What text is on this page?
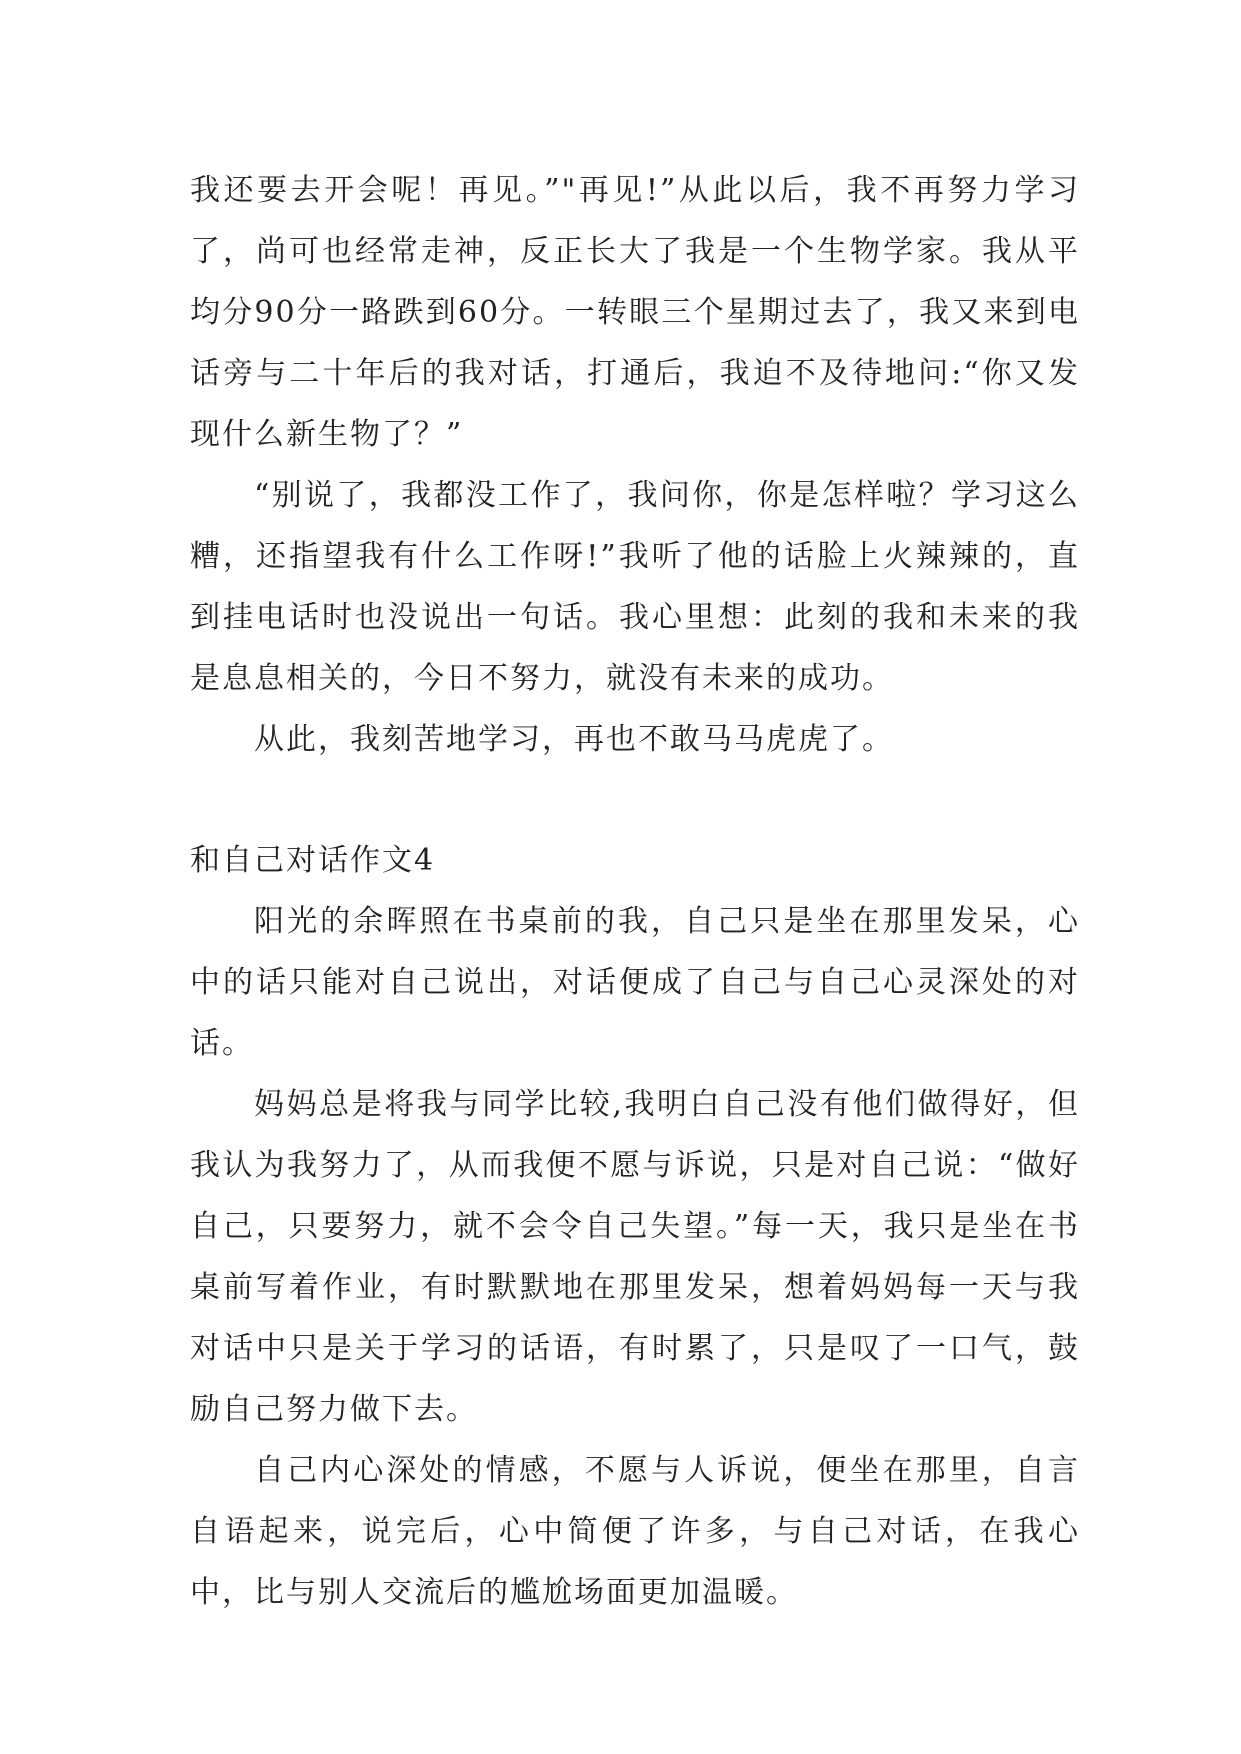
我还要去开会呢！再见。”"再见!”从此以后，我不再努力学习了，尚可也经常走神，反正长大了我是一个生物学家。我从平均分90分一路跌到60分。一转眼三个星期过去了，我又来到电话旁与二十年后的我对话，打通后，我迫不及待地问:“你又发现什么新生物了？”

“别说了，我都没工作了，我问你，你是怎样啦？学习这么糟，还指望我有什么工作呀!”我听了他的话脸上火辣辣的，直到挂电话时也没说出一句话。我心里想：此刻的我和未来的我是息息相关的，今日不努力，就没有未来的成功。

从此，我刻苦地学习，再也不敢马马虎虎了。

和自己对话作文4

阳光的余晖照在书桌前的我，自己只是坐在那里发呆，心中的话只能对自己说出，对话便成了自己与自己心灵深处的对话。

妈妈总是将我与同学比较,我明白自己没有他们做得好，但我认为我努力了，从而我便不愿与诉说，只是对自己说：“做好自己，只要努力，就不会令自己失望。”每一天，我只是坐在书桌前写着作业，有时默默地在那里发呆，想着妈妈每一天与我对话中只是关于学习的话语，有时累了，只是叹了一口气，鼓励自己努力做下去。

自己内心深处的情感，不愿与人诉说，便坐在那里，自言自语起来，说完后，心中简便了许多，与自己对话，在我心中，比与别人交流后的尴尬场面更加温暖。
